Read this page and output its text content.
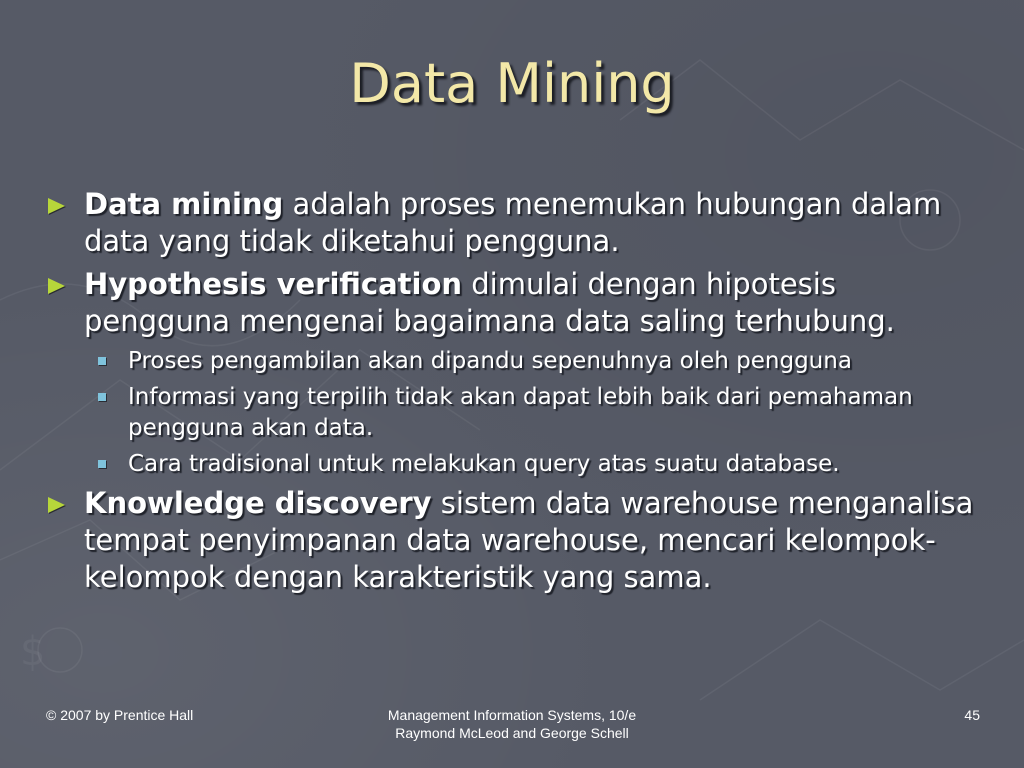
$
Data Mining
Data mining adalah proses menemukan hubungan dalam data yang tidak diketahui pengguna.
Hypothesis verification dimulai dengan hipotesis pengguna mengenai bagaimana data saling terhubung.
Proses pengambilan akan dipandu sepenuhnya oleh pengguna
Informasi yang terpilih tidak akan dapat lebih baik dari pemahaman pengguna akan data.
Cara tradisional untuk melakukan query atas suatu database.
Knowledge discovery sistem data warehouse menganalisa tempat penyimpanan data warehouse, mencari kelompok-kelompok dengan karakteristik yang sama.
© 2007 by Prentice Hall	Management Information Systems, 10/e
Raymond McLeod and George Schell
45
